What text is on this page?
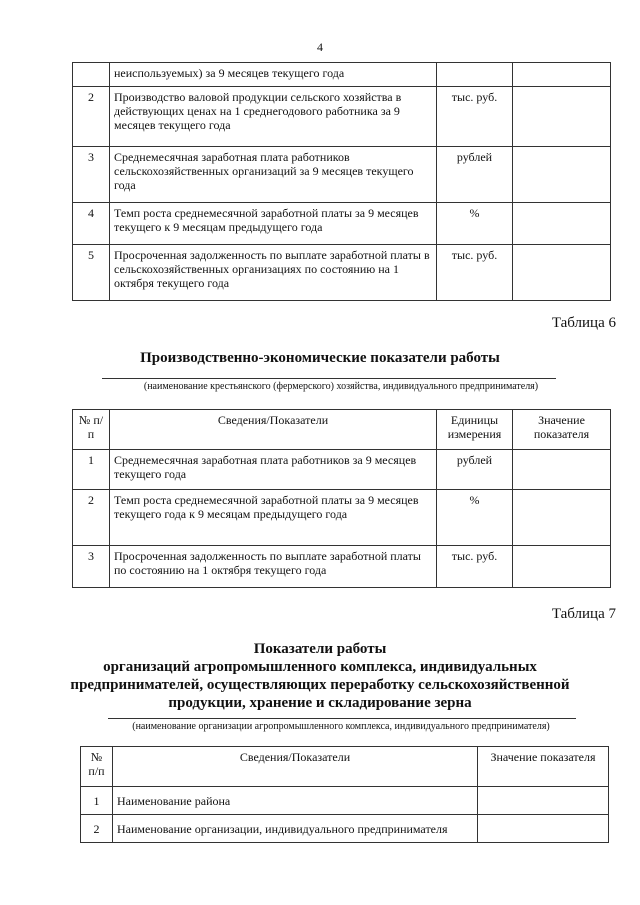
4
	неиспользуемых) за 9 месяцев текущего года		
2	Производство валовой продукции сельского хозяйства в действующих ценах на 1 среднегодового работника за 9 месяцев текущего года	тыс. руб.	
3	Среднемесячная заработная плата работников сельскохозяйственных организаций за 9 месяцев текущего года	рублей	
4	Темп роста среднемесячной заработной платы за 9 месяцев текущего к 9 месяцам предыдущего года	%	
5	Просроченная задолженность по выплате заработной платы в сельскохозяйственных организациях по состоянию на 1 октября текущего года	тыс. руб.	
Таблица 6
Производственно-экономические показатели работы
(наименование крестьянского (фермерского) хозяйства, индивидуального предпринимателя)
№ п/п	Сведения/Показатели	Единицы измерения	Значение показателя
1	Среднемесячная заработная плата работников за 9 месяцев текущего года	рублей	
2	Темп роста среднемесячной заработной платы за 9 месяцев текущего года к 9 месяцам предыдущего года	%	
3	Просроченная задолженность по выплате заработной платы по состоянию на 1 октября текущего года	тыс. руб.	
Таблица 7
Показатели работы
организаций агропромышленного комплекса, индивидуальных
предпринимателей, осуществляющих переработку сельскохозяйственной
продукции, хранение и складирование зерна
(наименование организации агропромышленного комплекса, индивидуального предпринимателя)
№ п/п	Сведения/Показатели	Значение показателя
1	Наименование района	
2	Наименование организации, индивидуального предпринимателя	
